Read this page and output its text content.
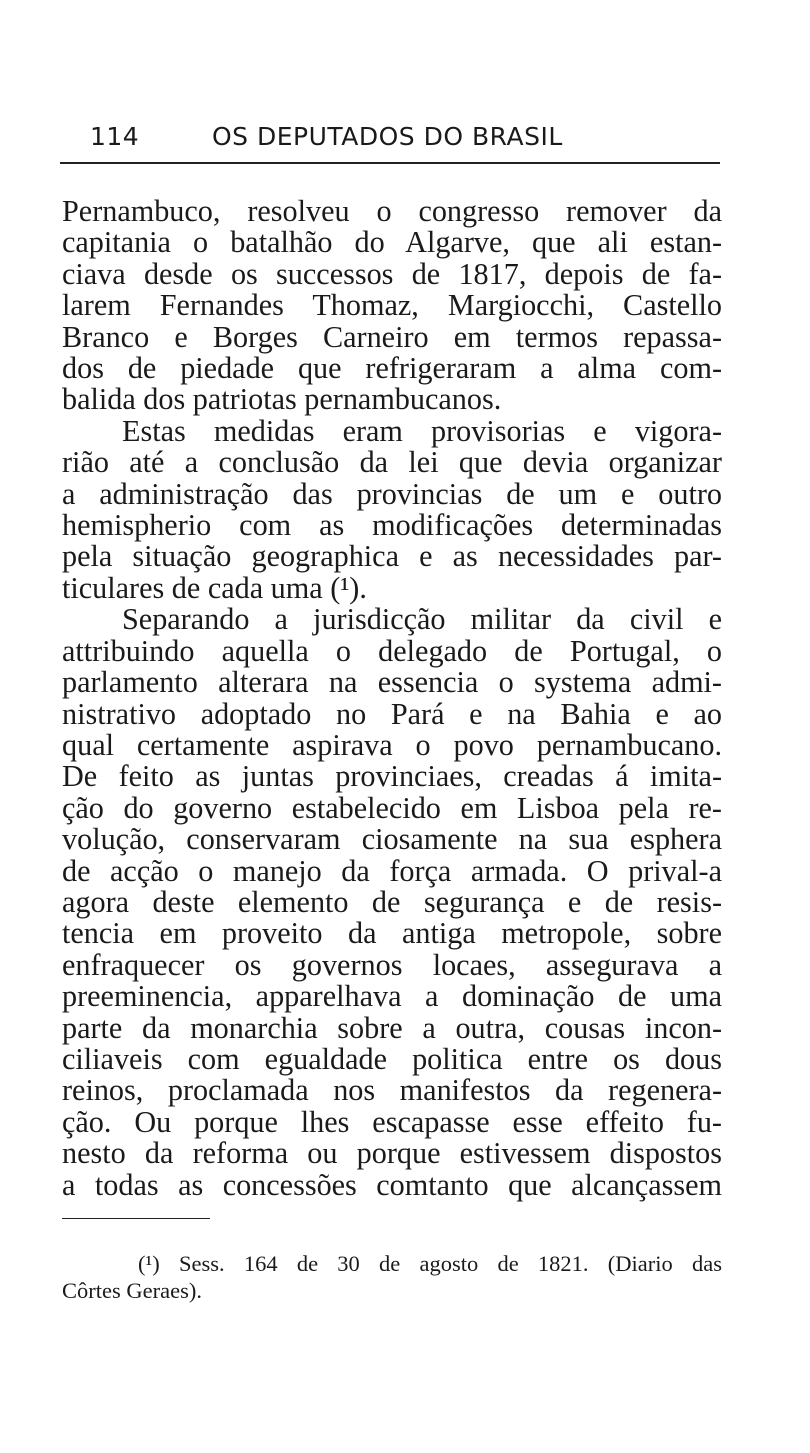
114	OS DEPUTADOS DO BRASIL
Pernambuco, resolveu o congresso remover da
capitania o batalhão do Algarve, que ali estan-
ciava desde os successos de 1817, depois de fa-
larem Fernandes Thomaz, Margiocchi, Castello
Branco e Borges Carneiro em termos repassa-
dos de piedade que refrigeraram a alma com-
balida dos patriotas pernambucanos.
Estas medidas eram provisorias e vigora-
rião até a conclusão da lei que devia organizar
a administração das provincias de um e outro
hemispherio com as modificações determinadas
pela situação geographica e as necessidades par-
ticulares de cada uma (¹).
Separando a jurisdicção militar da civil e
attribuindo aquella o delegado de Portugal, o
parlamento alterara na essencia o systema admi-
nistrativo adoptado no Pará e na Bahia e ao
qual certamente aspirava o povo pernambucano.
De feito as juntas provinciaes, creadas á imita-
ção do governo estabelecido em Lisboa pela re-
volução, conservaram ciosamente na sua esphera
de acção o manejo da força armada. O prival-a
agora deste elemento de segurança e de resis-
tencia em proveito da antiga metropole, sobre
enfraquecer os governos locaes, assegurava a
preeminencia, apparelhava a dominação de uma
parte da monarchia sobre a outra, cousas incon-
ciliaveis com egualdade politica entre os dous
reinos, proclamada nos manifestos da regenera-
ção. Ou porque lhes escapasse esse effeito fu-
nesto da reforma ou porque estivessem dispostos
a todas as concessões comtanto que alcançassem
(¹) Sess. 164 de 30 de agosto de 1821. (Diario das
Côrtes Geraes).
